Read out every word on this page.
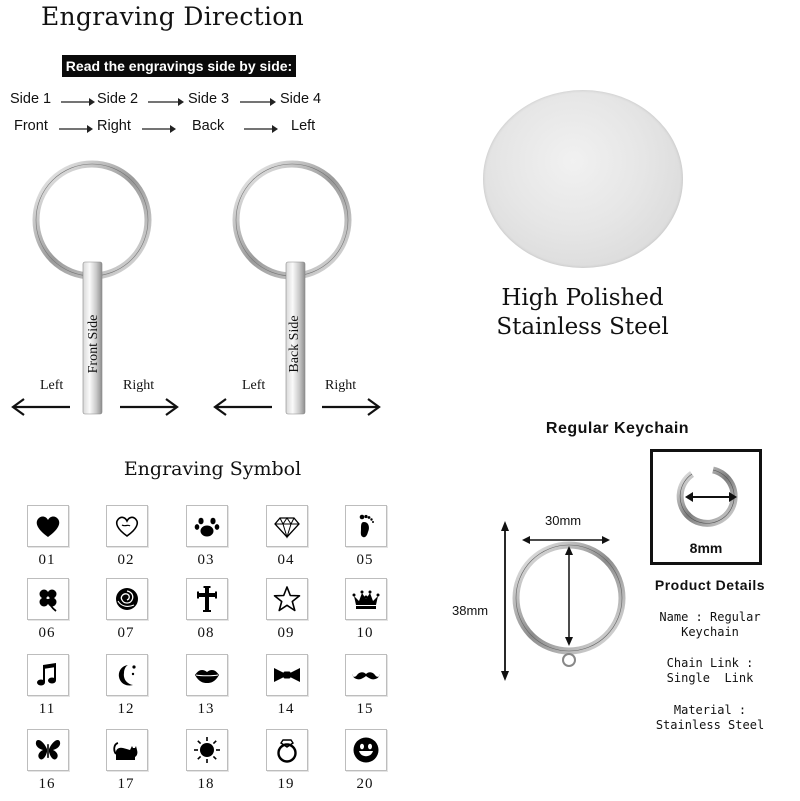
Engraving Direction
Read the engravings side by side:
Side 1	Side 2	Side 3	Side 4
Front	Right	Back	Left
Front Side
Left	Right
Back Side
Left	Right
High Polished
Stainless Steel
Engraving Symbol
01	02	03	04	05
06	07	08	09	10
11	12	13	14	15
16	17	18	19	20
Regular Keychain
30mm
38mm
8mm
Product Details
Name : Regular
Keychain
Chain Link :
Single  Link
Material :
Stainless Steel
